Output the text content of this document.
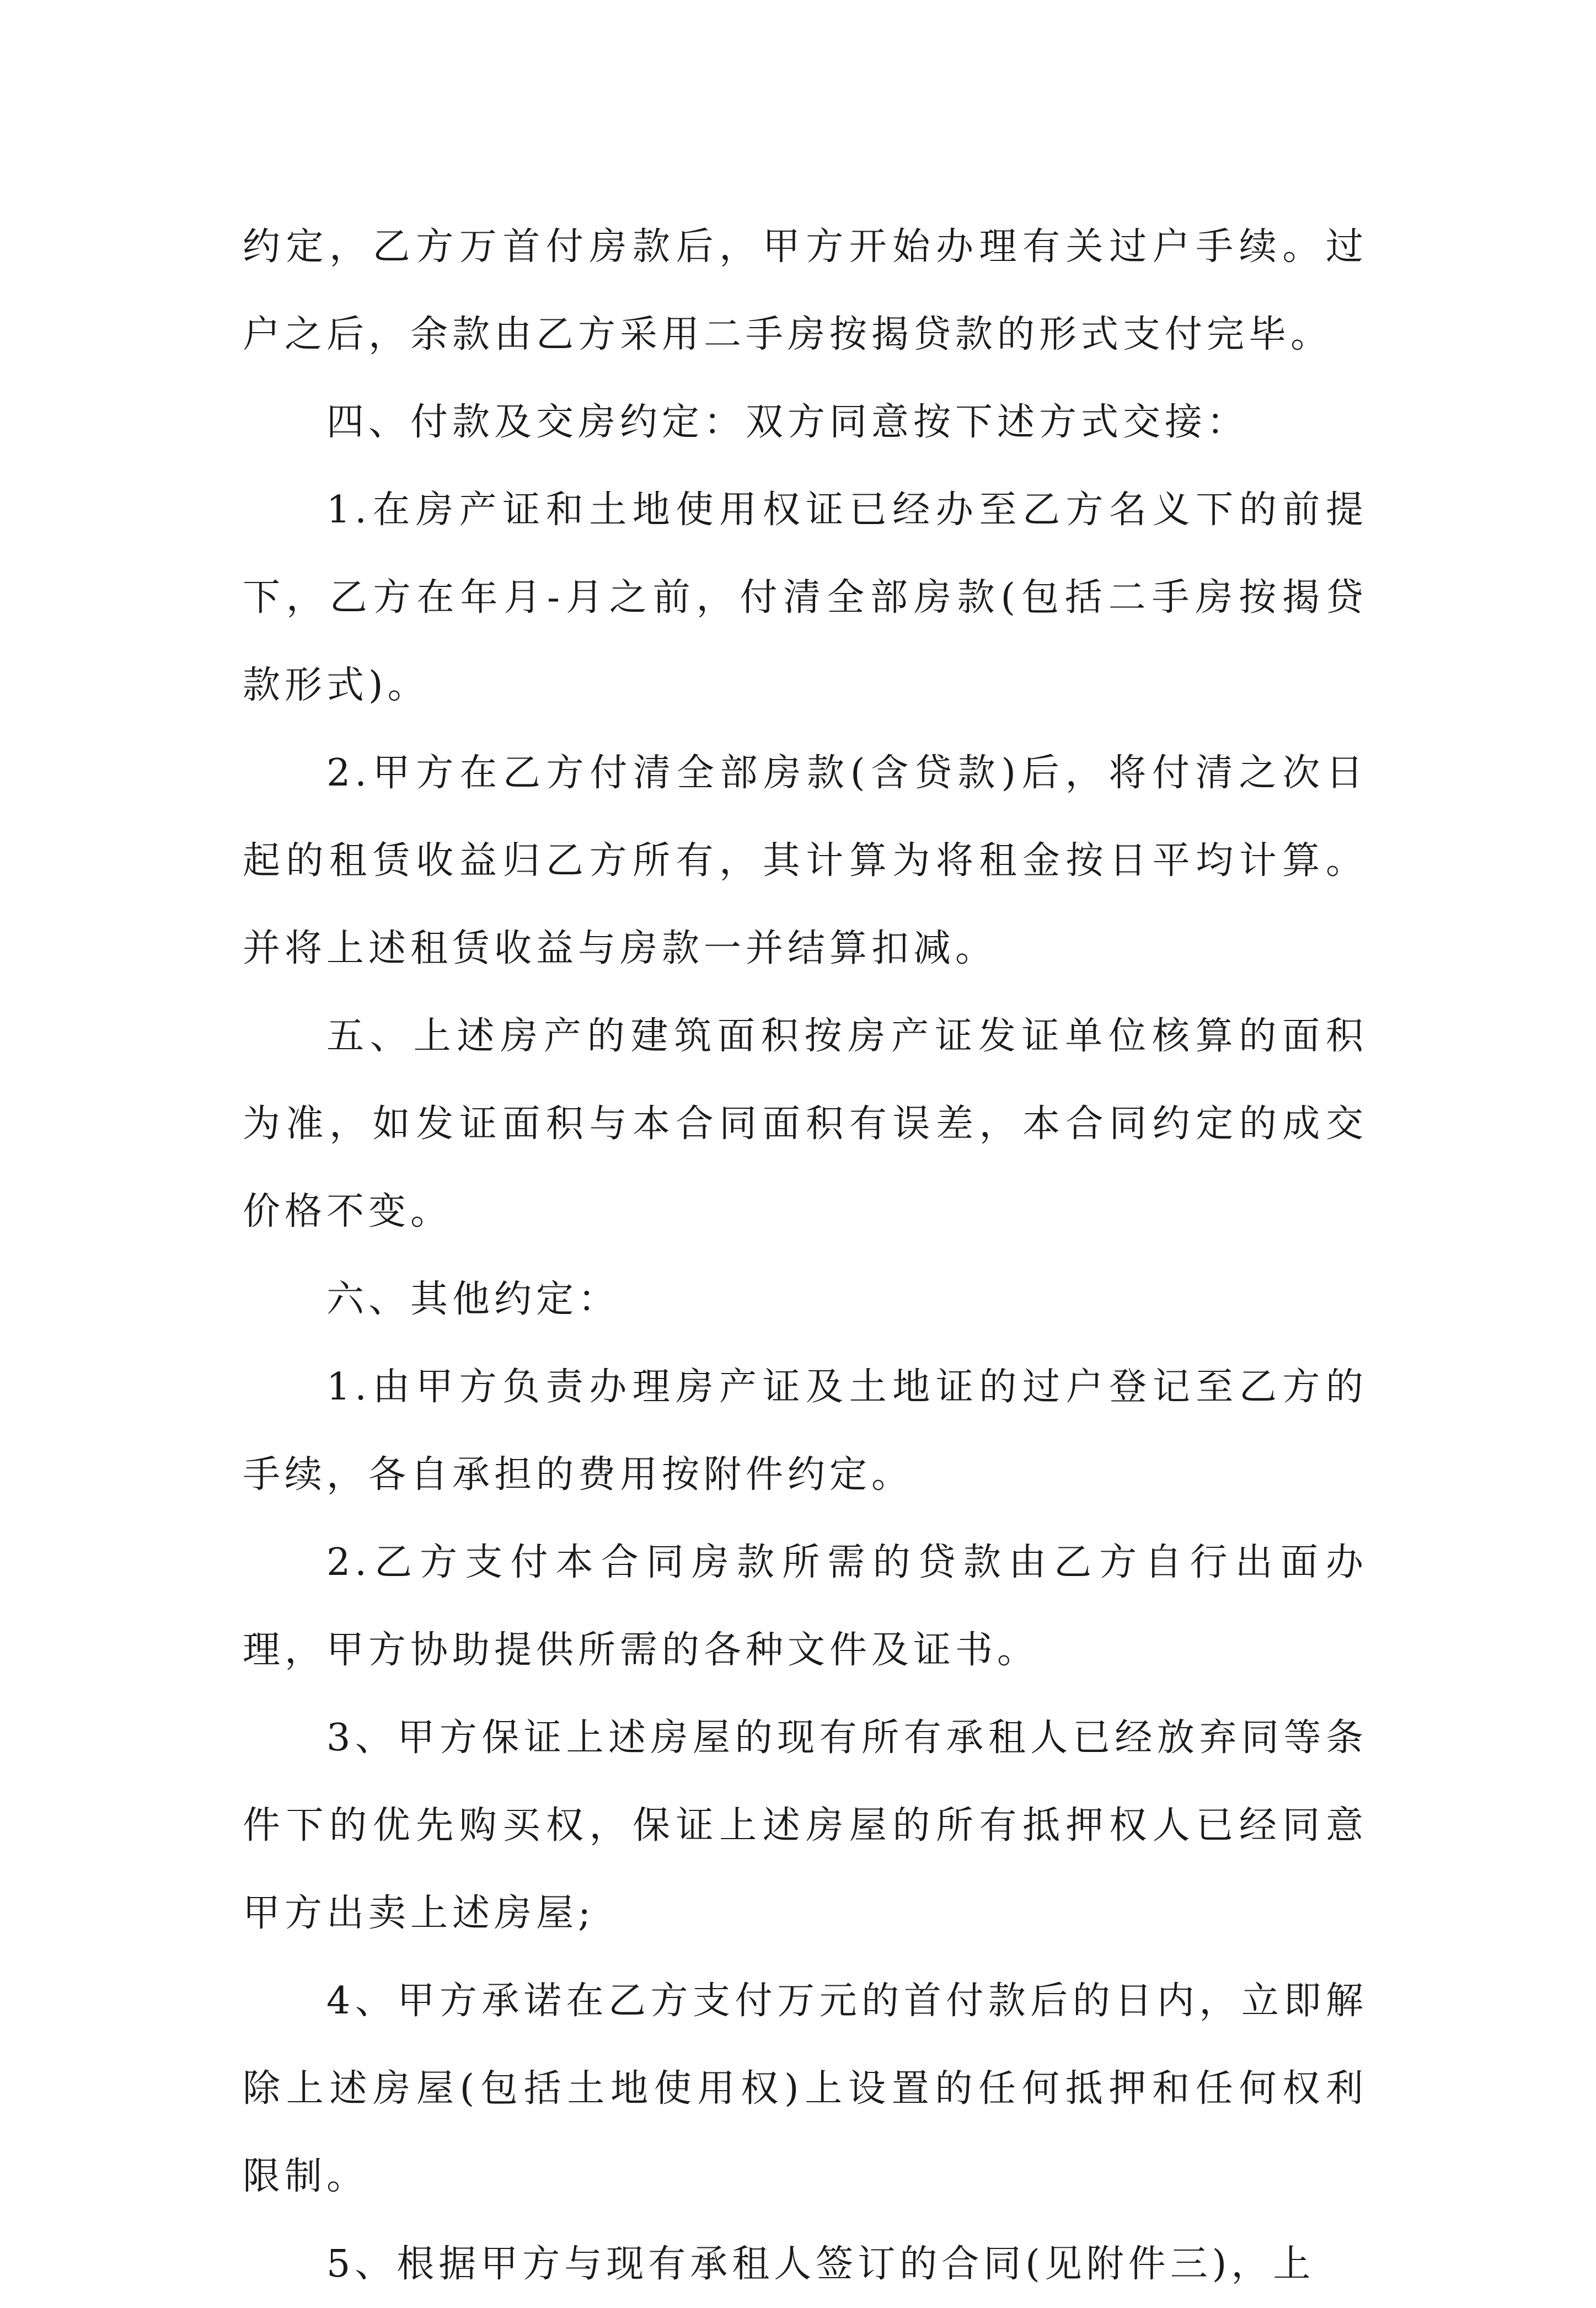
约定，乙方万首付房款后，甲方开始办理有关过户手续。过户之后，余款由乙方采用二手房按揭贷款的形式支付完毕。

四、付款及交房约定：双方同意按下述方式交接：

1.在房产证和土地使用权证已经办至乙方名义下的前提下，乙方在年月-月之前，付清全部房款(包括二手房按揭贷款形式)。

2.甲方在乙方付清全部房款(含贷款)后，将付清之次日起的租赁收益归乙方所有，其计算为将租金按日平均计算。并将上述租赁收益与房款一并结算扣减。

五、上述房产的建筑面积按房产证发证单位核算的面积为准，如发证面积与本合同面积有误差，本合同约定的成交价格不变。

六、其他约定：

1.由甲方负责办理房产证及土地证的过户登记至乙方的手续，各自承担的费用按附件约定。

2.乙方支付本合同房款所需的贷款由乙方自行出面办理，甲方协助提供所需的各种文件及证书。

3、甲方保证上述房屋的现有所有承租人已经放弃同等条件下的优先购买权，保证上述房屋的所有抵押权人已经同意甲方出卖上述房屋;

4、甲方承诺在乙方支付万元的首付款后的日内，立即解除上述房屋(包括土地使用权)上设置的任何抵押和任何权利限制。

5、根据甲方与现有承租人签订的合同(见附件三)，上
